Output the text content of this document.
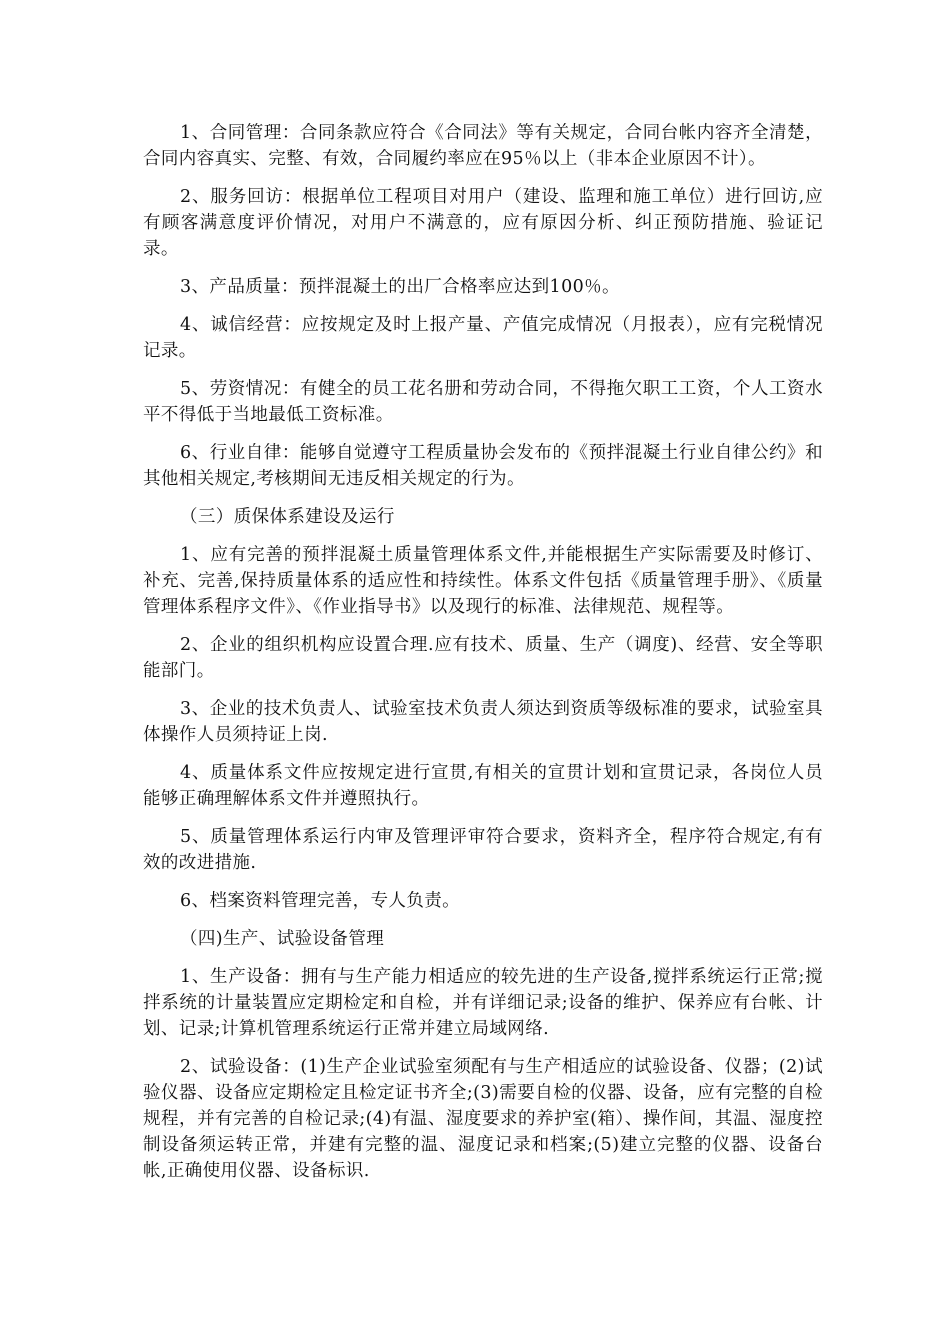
1、合同管理：合同条款应符合《合同法》等有关规定，合同台帐内容齐全清楚，合同内容真实、完整、有效，合同履约率应在95％以上（非本企业原因不计）。

2、服务回访：根据单位工程项目对用户（建设、监理和施工单位）进行回访,应有顾客满意度评价情况，对用户不满意的，应有原因分析、纠正预防措施、验证记录。

3、产品质量：预拌混凝土的出厂合格率应达到100％。

4、诚信经营：应按规定及时上报产量、产值完成情况（月报表），应有完税情况记录。

5、劳资情况：有健全的员工花名册和劳动合同，不得拖欠职工工资，个人工资水平不得低于当地最低工资标准。

6、行业自律：能够自觉遵守工程质量协会发布的《预拌混凝土行业自律公约》和其他相关规定,考核期间无违反相关规定的行为。

（三）质保体系建设及运行

1、应有完善的预拌混凝土质量管理体系文件,并能根据生产实际需要及时修订、补充、完善,保持质量体系的适应性和持续性。体系文件包括《质量管理手册》、《质量管理体系程序文件》、《作业指导书》以及现行的标准、法律规范、规程等。

2、企业的组织机构应设置合理.应有技术、质量、生产（调度)、经营、安全等职能部门。

3、企业的技术负责人、试验室技术负责人须达到资质等级标准的要求，试验室具体操作人员须持证上岗.

4、质量体系文件应按规定进行宣贯,有相关的宣贯计划和宣贯记录，各岗位人员能够正确理解体系文件并遵照执行。

5、质量管理体系运行内审及管理评审符合要求，资料齐全，程序符合规定,有有效的改进措施.

6、档案资料管理完善，专人负责。

（四)生产、试验设备管理

1、生产设备：拥有与生产能力相适应的较先进的生产设备,搅拌系统运行正常;搅拌系统的计量装置应定期检定和自检，并有详细记录;设备的维护、保养应有台帐、计划、记录;计算机管理系统运行正常并建立局域网络.

2、试验设备：(1)生产企业试验室须配有与生产相适应的试验设备、仪器；(2)试验仪器、设备应定期检定且检定证书齐全;(3)需要自检的仪器、设备，应有完整的自检规程，并有完善的自检记录;(4)有温、湿度要求的养护室(箱）、操作间，其温、湿度控制设备须运转正常，并建有完整的温、湿度记录和档案;(5)建立完整的仪器、设备台帐,正确使用仪器、设备标识.
